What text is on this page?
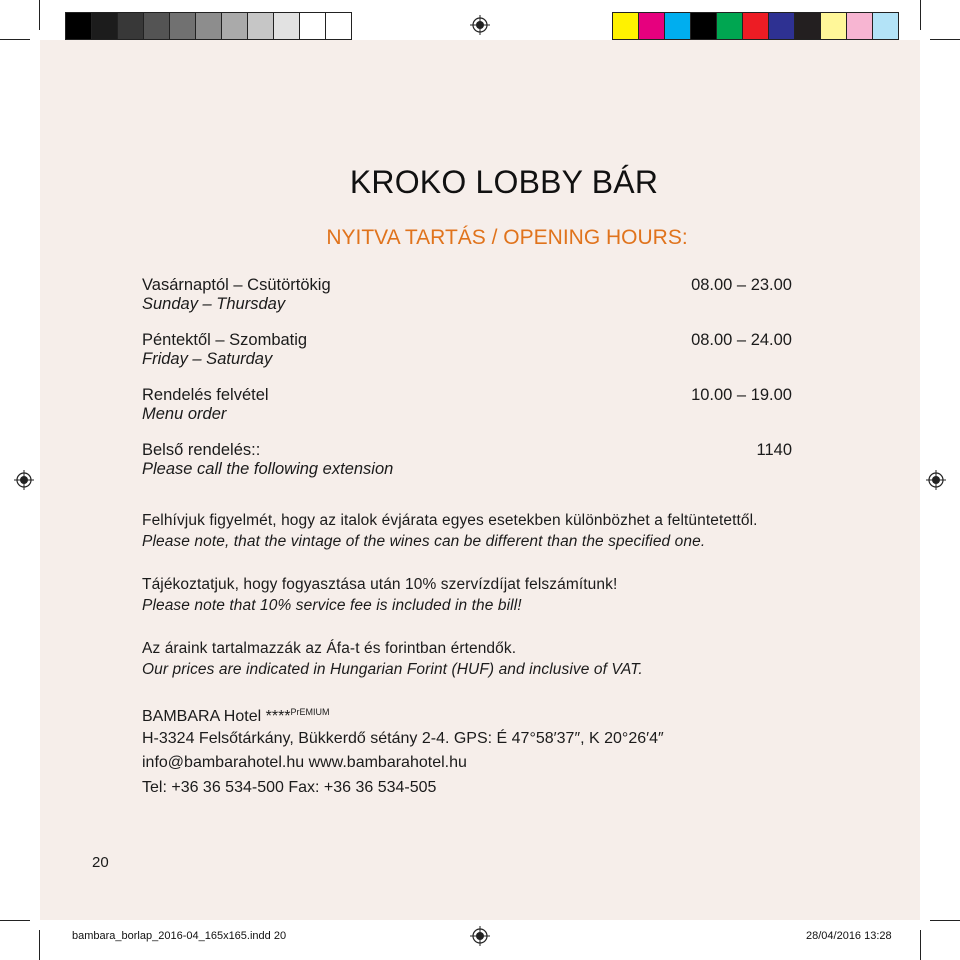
KROKO LOBBY BÁR
NYITVA TARTÁS / OPENING HOURS:
Vasárnaptól – Csütörtökig
Sunday – Thursday
08.00 – 23.00
Péntektől – Szombatig
Friday – Saturday
08.00 – 24.00
Rendelés felvétel
Menu order
10.00 – 19.00
Belső rendelés::
Please call the following extension
1140
Felhívjuk figyelmét, hogy az italok évjárata egyes esetekben különbözhet a feltüntetettől.
Please note, that the vintage of the wines can be different than the specified one.
Tájékoztatjuk, hogy fogyasztása után 10% szervízdíjat felszámítunk!
Please note that 10% service fee is included in the bill!
Az áraink tartalmazzák az Áfa-t és forintban értendők.
Our prices are indicated in Hungarian Forint (HUF) and inclusive of VAT.
BAMBARA Hotel ****$^{PrEMIUM}$
H-3324 Felsőtárkány, Bükkerdő sétány 2-4. GPS: É 47°58′37″, K 20°26′4″
info@bambarahotel.hu www.bambarahotel.hu
Tel: +36 36 534-500 Fax: +36 36 534-505
20
bambara_borlap_2016-04_165x165.indd 20	28/04/2016 13:28
